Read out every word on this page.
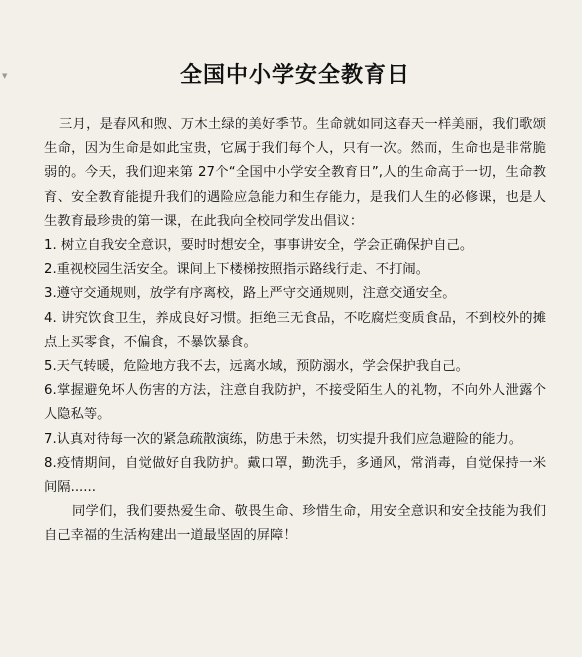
▼	全国中小学安全教育日

三月，是春风和煦、万木土绿的美好季节。生命就如同这春天一样美丽，我们歌颂生命，因为生命是如此宝贵，它属于我们每个人，只有一次。然而，生命也是非常脆弱的。今天，我们迎来第 27个“全国中小学安全教育日”,人的生命高于一切，生命教育、安全教育能提升我们的遇险应急能力和生存能力，是我们人生的必修课，也是人生教育最珍贵的第一课，在此我向全校同学发出倡议：

1. 树立自我安全意识，要时时想安全，事事讲安全，学会正确保护自己。

2.重视校园生活安全。课间上下楼梯按照指示路线行走、不打闹。

3.遵守交通规则，放学有序离校，路上严守交通规则，注意交通安全。

4. 讲究饮食卫生，养成良好习惯。拒绝三无食品，不吃腐烂变质食品，不到校外的摊点上买零食，不偏食，不暴饮暴食。

5.天气转暖，危险地方我不去，远离水域，预防溺水，学会保护我自己。

6.掌握避免坏人伤害的方法，注意自我防护，不接受陌生人的礼物，不向外人泄露个人隐私等。

7.认真对待每一次的紧急疏散演练，防患于未然，切实提升我们应急避险的能力。

8.疫情期间，自觉做好自我防护。戴口罩，勤洗手，多通风，常消毒，自觉保持一米间隔......

同学们，我们要热爱生命、敬畏生命、珍惜生命，用安全意识和安全技能为我们自己幸福的生活构建出一道最坚固的屏障！
